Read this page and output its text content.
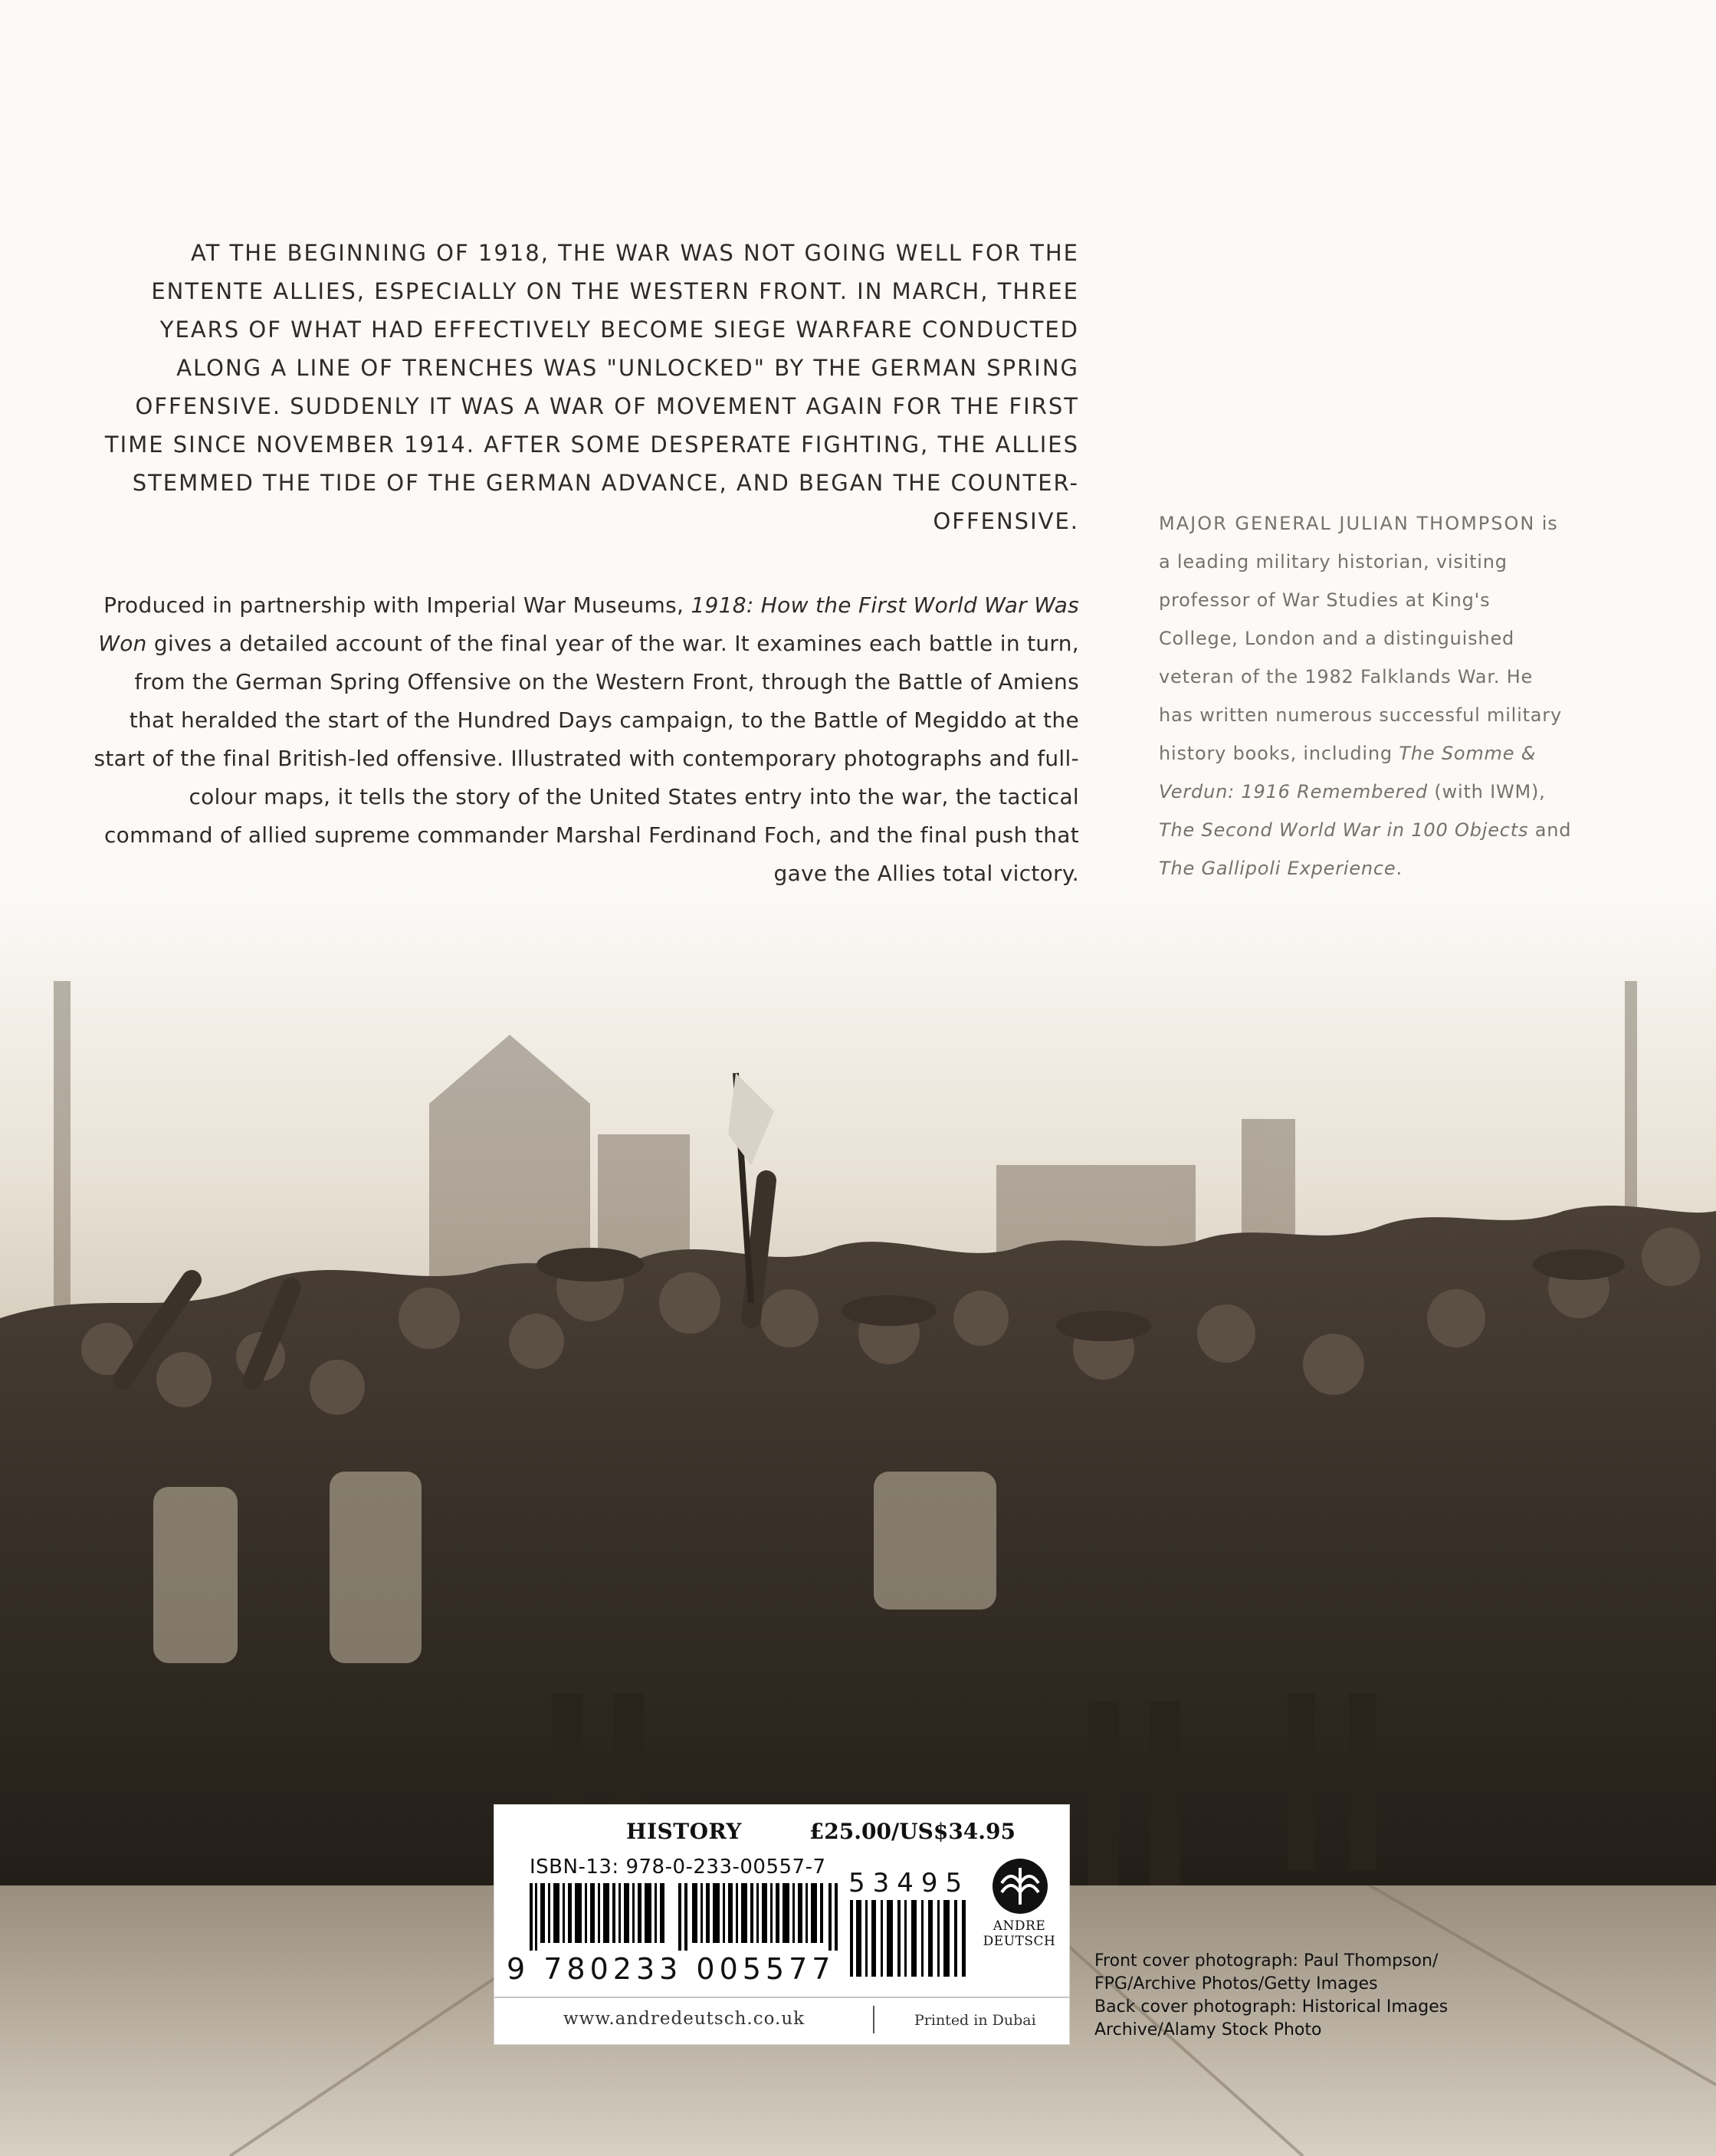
AT THE BEGINNING OF 1918, THE WAR WAS NOT GOING WELL FOR THE ENTENTE ALLIES, ESPECIALLY ON THE WESTERN FRONT. IN MARCH, THREE YEARS OF WHAT HAD EFFECTIVELY BECOME SIEGE WARFARE CONDUCTED ALONG A LINE OF TRENCHES WAS "UNLOCKED" BY THE GERMAN SPRING OFFENSIVE. SUDDENLY IT WAS A WAR OF MOVEMENT AGAIN FOR THE FIRST TIME SINCE NOVEMBER 1914. AFTER SOME DESPERATE FIGHTING, THE ALLIES STEMMED THE TIDE OF THE GERMAN ADVANCE, AND BEGAN THE COUNTER-OFFENSIVE.

Produced in partnership with Imperial War Museums, 1918: How the First World War Was Won gives a detailed account of the final year of the war. It examines each battle in turn, from the German Spring Offensive on the Western Front, through the Battle of Amiens that heralded the start of the Hundred Days campaign, to the Battle of Megiddo at the start of the final British-led offensive. Illustrated with contemporary photographs and full-colour maps, it tells the story of the United States entry into the war, the tactical command of allied supreme commander Marshal Ferdinand Foch, and the final push that gave the Allies total victory.

MAJOR GENERAL JULIAN THOMPSON is a leading military historian, visiting professor of War Studies at King's College, London and a distinguished veteran of the 1982 Falklands War. He has written numerous successful military history books, including The Somme & Verdun: 1916 Remembered (with IWM), The Second World War in 100 Objects and The Gallipoli Experience.

HISTORY	£25.00/US$34.95
ISBN-13: 978-0-233-00557-7
9 780233 005577
53495
ANDRE DEUTSCH
www.andredeutsch.co.uk	Printed in Dubai

Front cover photograph: Paul Thompson/
FPG/Archive Photos/Getty Images
Back cover photograph: Historical Images
Archive/Alamy Stock Photo
